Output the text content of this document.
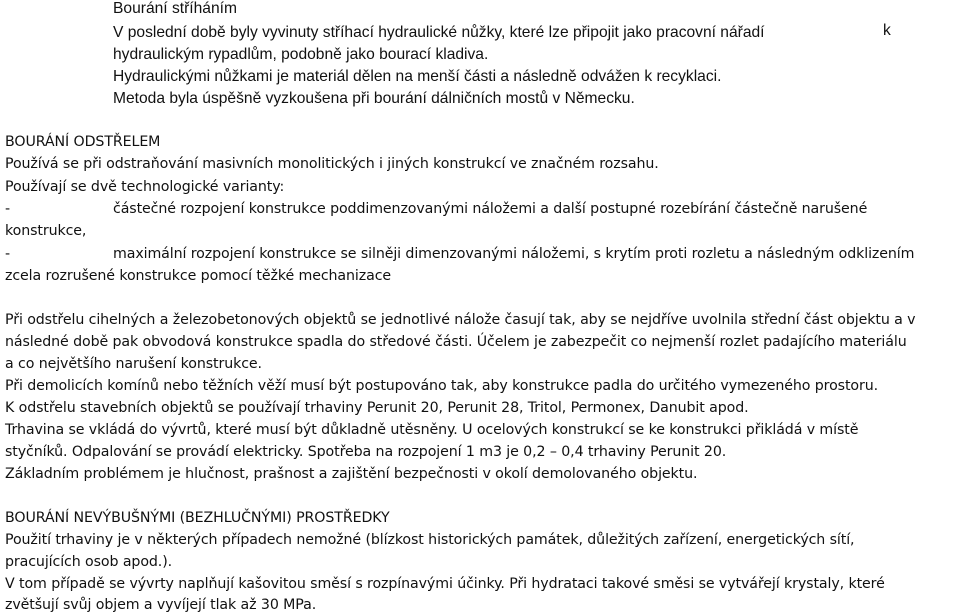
Bourání stříháním
V poslední době byly vyvinuty stříhací hydraulické nůžky, které lze připojit jako pracovní nářadí	k
hydraulickým rypadlům, podobně jako bourací kladiva.
Hydraulickými nůžkami je materiál dělen na menší části a následně odvážen k recyklaci.
Metoda byla úspěšně vyzkoušena při bourání dálničních mostů v Německu.
BOURÁNÍ ODSTŘELEM
Používá se při odstraňování masivních monolitických i jiných konstrukcí ve značném rozsahu.
Používají se dvě technologické varianty:
-	částečné rozpojení konstrukce poddimenzovanými náložemi a další postupné rozebírání částečně narušené
konstrukce,
-	maximální rozpojení konstrukce se silněji dimenzovanými náložemi, s krytím proti rozletu a následným odklizením
zcela rozrušené konstrukce pomocí těžké mechanizace
Při odstřelu cihelných a železobetonových objektů se jednotlivé nálože časují tak, aby se nejdříve uvolnila střední část objektu a v
následné době pak obvodová konstrukce spadla do středové části. Účelem je zabezpečit co nejmenší rozlet padajícího materiálu
a co největšího narušení konstrukce.
Při demolicích komínů nebo těžních věží musí být postupováno tak, aby konstrukce padla do určitého vymezeného prostoru.
K odstřelu stavebních objektů se používají trhaviny Perunit 20, Perunit 28, Tritol, Permonex, Danubit apod.
Trhavina se vkládá do vývrtů, které musí být důkladně utěsněny. U ocelových konstrukcí se ke konstrukci přikládá v místě
styčníků. Odpalování se provádí elektricky. Spotřeba na rozpojení 1 m3 je 0,2 – 0,4 trhaviny Perunit 20.
Základním problémem je hlučnost, prašnost a zajištění bezpečnosti v okolí demolovaného objektu.
BOURÁNÍ NEVÝBUŠNÝMI (BEZHLUČNÝMI) PROSTŘEDKY
Použití trhaviny je v některých případech nemožné (blízkost historických památek, důležitých zařízení, energetických sítí,
pracujících osob apod.).
V tom případě se vývrty naplňují kašovitou směsí s rozpínavými účinky. Při hydrataci takové směsi se vytvářejí krystaly, které
zvětšují svůj objem a vyvíjejí tlak až 30 MPa.
